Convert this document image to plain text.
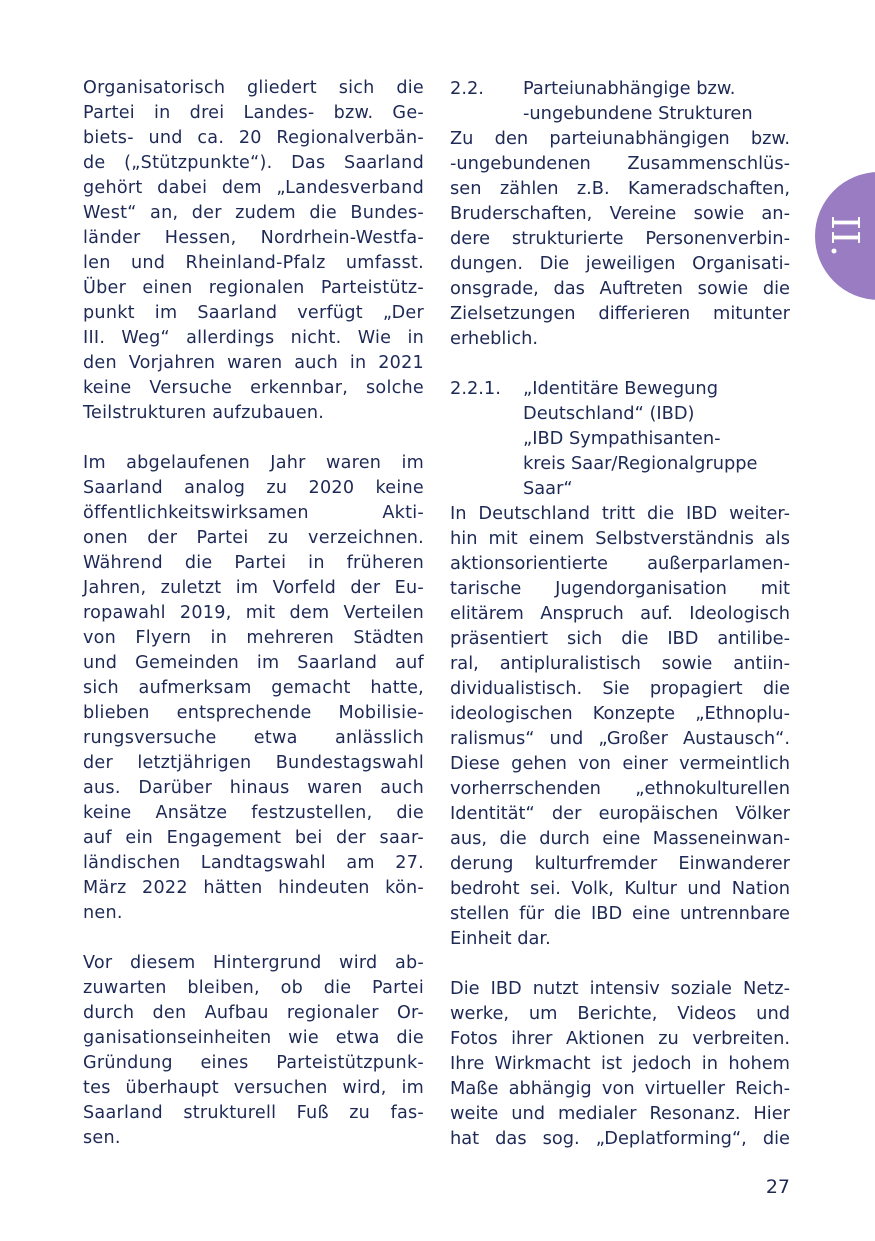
Organisatorisch gliedert sich die
Partei in drei Landes- bzw. Ge-
biets- und ca. 20 Regionalverbän-
de („Stützpunkte“). Das Saarland
gehört dabei dem „Landesverband
West“ an, der zudem die Bundes-
länder Hessen, Nordrhein-Westfa-
len und Rheinland-Pfalz umfasst.
Über einen regionalen Parteistütz-
punkt im Saarland verfügt „Der
III. Weg“ allerdings nicht. Wie in
den Vorjahren waren auch in 2021
keine Versuche erkennbar, solche
Teilstrukturen aufzubauen.
Im abgelaufenen Jahr waren im
Saarland analog zu 2020 keine
öffentlichkeitswirksamen Akti-
onen der Partei zu verzeichnen.
Während die Partei in früheren
Jahren, zuletzt im Vorfeld der Eu-
ropawahl 2019, mit dem Verteilen
von Flyern in mehreren Städten
und Gemeinden im Saarland auf
sich aufmerksam gemacht hatte,
blieben entsprechende Mobilisie-
rungsversuche etwa anlässlich
der letztjährigen Bundestagswahl
aus. Darüber hinaus waren auch
keine Ansätze festzustellen, die
auf ein Engagement bei der saar-
ländischen Landtagswahl am 27.
März 2022 hätten hindeuten kön-
nen.
Vor diesem Hintergrund wird ab-
zuwarten bleiben, ob die Partei
durch den Aufbau regionaler Or-
ganisationseinheiten wie etwa die
Gründung eines Parteistützpunk-
tes überhaupt versuchen wird, im
Saarland strukturell Fuß zu fas-
sen.
2.2.	Parteiunabhängige bzw.
-ungebundene Strukturen
Zu den parteiunabhängigen bzw.
-ungebundenen Zusammenschlüs-
sen zählen z.B. Kameradschaften,
Bruderschaften, Vereine sowie an-
dere strukturierte Personenverbin-
dungen. Die jeweiligen Organisati-
onsgrade, das Auftreten sowie die
Zielsetzungen differieren mitunter
erheblich.
2.2.1.	„Identitäre Bewegung
Deutschland“ (IBD)
„IBD Sympathisanten-
kreis Saar/Regionalgruppe
Saar“
In Deutschland tritt die IBD weiter-
hin mit einem Selbstverständnis als
aktionsorientierte außerparlamen-
tarische Jugendorganisation mit
elitärem Anspruch auf. Ideologisch
präsentiert sich die IBD antilibe-
ral, antipluralistisch sowie antiin-
dividualistisch. Sie propagiert die
ideologischen Konzepte „Ethnoplu-
ralismus“ und „Großer Austausch“.
Diese gehen von einer vermeintlich
vorherrschenden „ethnokulturellen
Identität“ der europäischen Völker
aus, die durch eine Masseneinwan-
derung kulturfremder Einwanderer
bedroht sei. Volk, Kultur und Nation
stellen für die IBD eine untrennbare
Einheit dar.
Die IBD nutzt intensiv soziale Netz-
werke, um Berichte, Videos und
Fotos ihrer Aktionen zu verbreiten.
Ihre Wirkmacht ist jedoch in hohem
Maße abhängig von virtueller Reich-
weite und medialer Resonanz. Hier
hat das sog. „Deplatforming“, die
II.
27
